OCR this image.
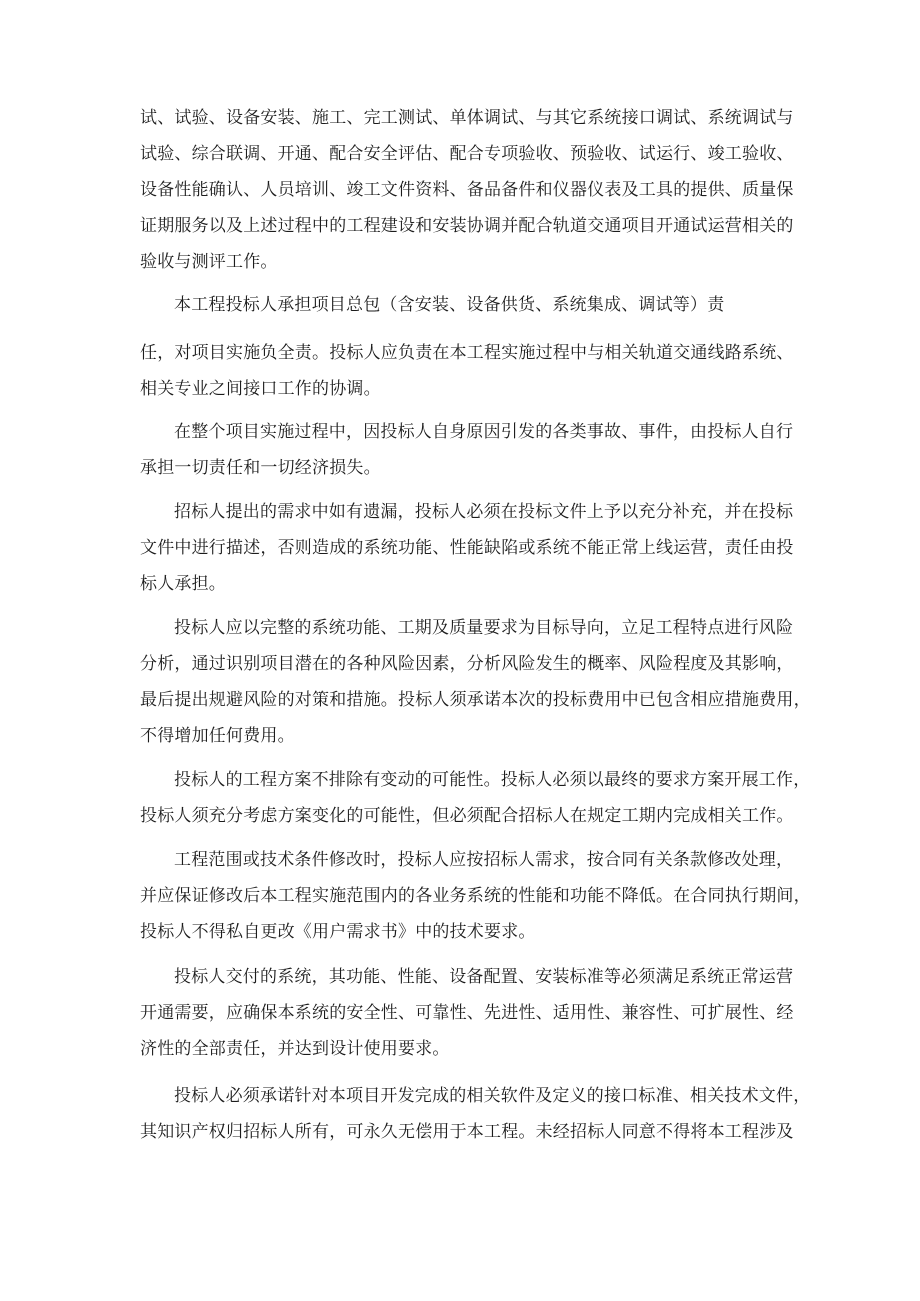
试、试验、设备安装、施工、完工测试、单体调试、与其它系统接口调试、系统调试与
试验、综合联调、开通、配合安全评估、配合专项验收、预验收、试运行、竣工验收、
设备性能确认、人员培训、竣工文件资料、备品备件和仪器仪表及工具的提供、质量保
证期服务以及上述过程中的工程建设和安装协调并配合轨道交通项目开通试运营相关的
验收与测评工作。

本工程投标人承担项目总包（含安装、设备供货、系统集成、调试等）责

任，对项目实施负全责。投标人应负责在本工程实施过程中与相关轨道交通线路系统、
相关专业之间接口工作的协调。

在整个项目实施过程中，因投标人自身原因引发的各类事故、事件，由投标人自行
承担一切责任和一切经济损失。

招标人提出的需求中如有遗漏，投标人必须在投标文件上予以充分补充，并在投标
文件中进行描述，否则造成的系统功能、性能缺陷或系统不能正常上线运营，责任由投
标人承担。

投标人应以完整的系统功能、工期及质量要求为目标导向，立足工程特点进行风险
分析，通过识别项目潜在的各种风险因素，分析风险发生的概率、风险程度及其影响，
最后提出规避风险的对策和措施。投标人须承诺本次的投标费用中已包含相应措施费用，
不得增加任何费用。

投标人的工程方案不排除有变动的可能性。投标人必须以最终的要求方案开展工作，
投标人须充分考虑方案变化的可能性，但必须配合招标人在规定工期内完成相关工作。

工程范围或技术条件修改时，投标人应按招标人需求，按合同有关条款修改处理，
并应保证修改后本工程实施范围内的各业务系统的性能和功能不降低。在合同执行期间，
投标人不得私自更改《用户需求书》中的技术要求。

投标人交付的系统，其功能、性能、设备配置、安装标准等必须满足系统正常运营
开通需要，应确保本系统的安全性、可靠性、先进性、适用性、兼容性、可扩展性、经
济性的全部责任，并达到设计使用要求。

投标人必须承诺针对本项目开发完成的相关软件及定义的接口标准、相关技术文件，
其知识产权归招标人所有，可永久无偿用于本工程。未经招标人同意不得将本工程涉及
